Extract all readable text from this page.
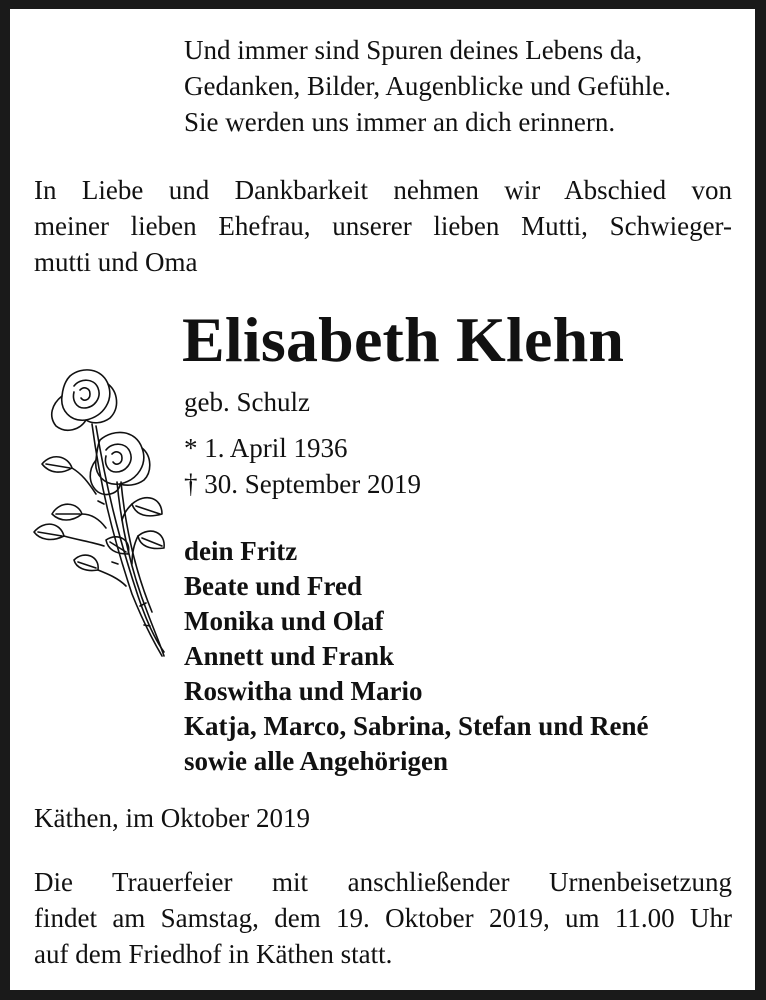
Und immer sind Spuren deines Lebens da,
Gedanken, Bilder, Augenblicke und Gefühle.
Sie werden uns immer an dich erinnern.
In Liebe und Dankbarkeit nehmen wir Abschied von
meiner lieben Ehefrau, unserer lieben Mutti, Schwieger-
mutti und Oma
Elisabeth Klehn
geb. Schulz
* 1. April 1936
† 30. September 2019
dein Fritz
Beate und Fred
Monika und Olaf
Annett und Frank
Roswitha und Mario
Katja, Marco, Sabrina, Stefan und René
sowie alle Angehörigen
Käthen, im Oktober 2019
Die Trauerfeier mit anschließender Urnenbeisetzung
findet am Samstag, dem 19. Oktober 2019, um 11.00 Uhr
auf dem Friedhof in Käthen statt.
